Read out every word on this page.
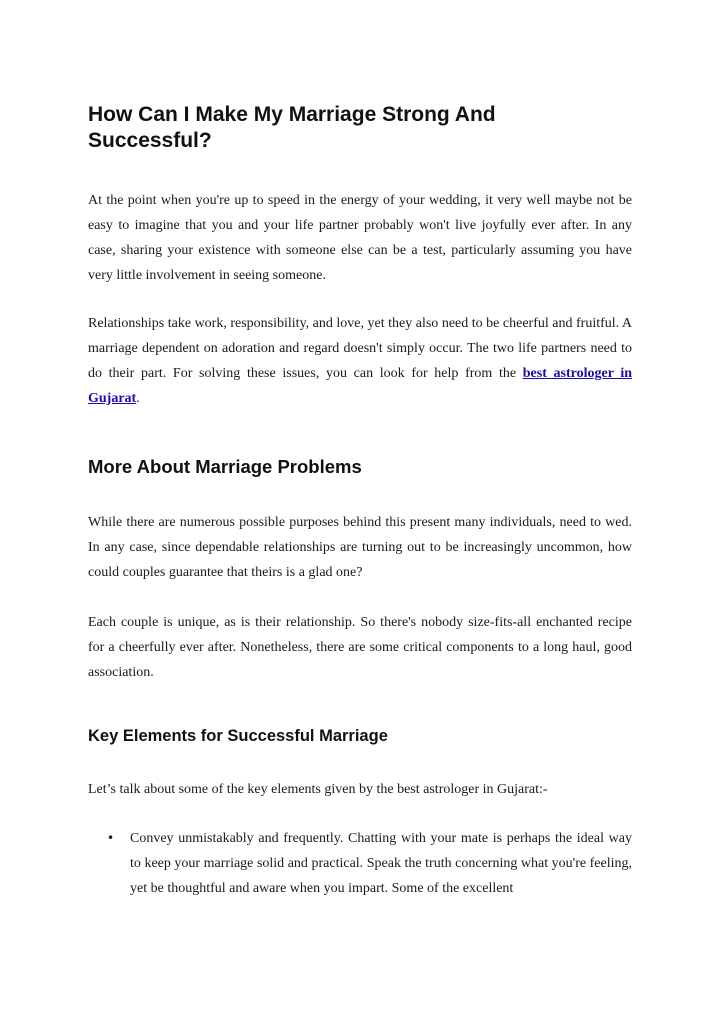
How Can I Make My Marriage Strong And Successful?

At the point when you're up to speed in the energy of your wedding, it very well maybe not be easy to imagine that you and your life partner probably won't live joyfully ever after. In any case, sharing your existence with someone else can be a test, particularly assuming you have very little involvement in seeing someone.

Relationships take work, responsibility, and love, yet they also need to be cheerful and fruitful. A marriage dependent on adoration and regard doesn't simply occur. The two life partners need to do their part. For solving these issues, you can look for help from the best astrologer in Gujarat.

More About Marriage Problems

While there are numerous possible purposes behind this present many individuals, need to wed. In any case, since dependable relationships are turning out to be increasingly uncommon, how could couples guarantee that theirs is a glad one?

Each couple is unique, as is their relationship. So there's nobody size-fits-all enchanted recipe for a cheerfully ever after. Nonetheless, there are some critical components to a long haul, good association.

Key Elements for Successful Marriage

Let’s talk about some of the key elements given by the best astrologer in Gujarat:-

• Convey unmistakably and frequently. Chatting with your mate is perhaps the ideal way to keep your marriage solid and practical. Speak the truth concerning what you're feeling, yet be thoughtful and aware when you impart. Some of the excellent
